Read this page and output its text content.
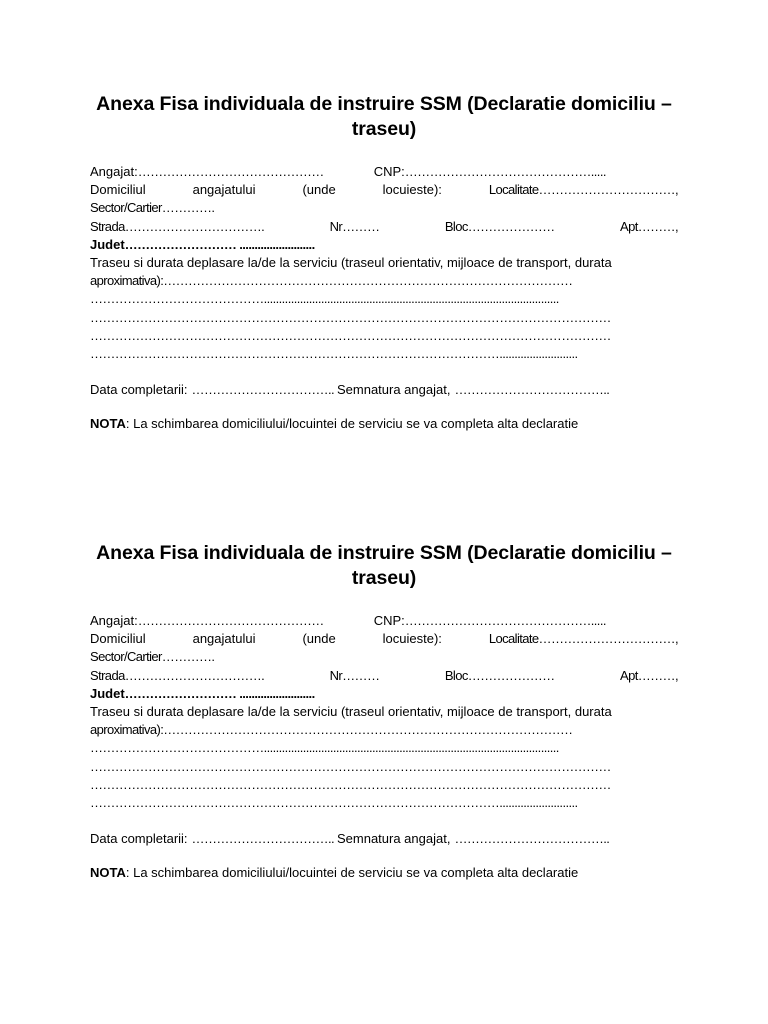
Anexa Fisa individuala de instruire SSM (Declaratie domiciliu – traseu)
Angajat:………………………………………	CNP:……………………………………….....
Domiciliul	angajatului	(unde	locuieste):	Localitate……………………………,
Sector/Cartier………….
Strada…………………………….	Nr………	Bloc…………………	Apt………,
Judet……………………… .........................
Traseu si durata deplasare la/de la serviciu (traseul orientativ, mijloace de transport, durata
aproximativa):………………………………………………………………………………………
……………………………………..................................................................................................
………………………………………………………………………………………………………………
………………………………………………………………………………………………………………
………………………………………………………………………………………..........................
Data completarii: …………………………….. Semnatura angajat, ………………………………..
NOTA: La schimbarea domiciliului/locuintei de serviciu se va completa alta declaratie
Anexa Fisa individuala de instruire SSM (Declaratie domiciliu – traseu)
Angajat:………………………………………	CNP:……………………………………….....
Domiciliul	angajatului	(unde	locuieste):	Localitate……………………………,
Sector/Cartier………….
Strada…………………………….	Nr………	Bloc…………………	Apt………,
Judet……………………… .........................
Traseu si durata deplasare la/de la serviciu (traseul orientativ, mijloace de transport, durata
aproximativa):………………………………………………………………………………………
……………………………………..................................................................................................
………………………………………………………………………………………………………………
………………………………………………………………………………………………………………
………………………………………………………………………………………..........................
Data completarii: …………………………….. Semnatura angajat, ………………………………..
NOTA: La schimbarea domiciliului/locuintei de serviciu se va completa alta declaratie
